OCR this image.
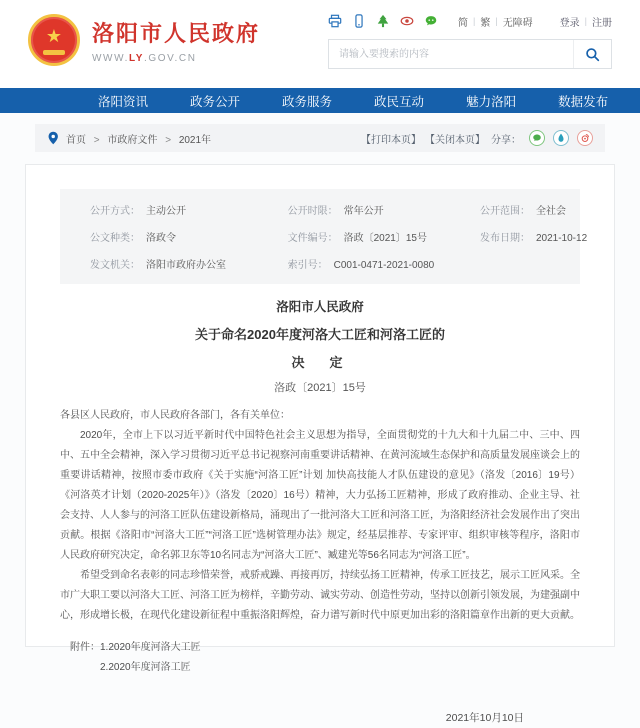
★ 洛阳市人民政府
WWW.LY.GOV.CN
简 | 繁 | 无障碍	登录 | 注册
请输入要搜索的内容
洛阳资讯	政务公开	政务服务	政民互动	魅力洛阳	数据发布
首页 > 市政府文件 > 2021年	【打印本页】 【关闭本页】 分享：
公开方式： 主动公开	公开时限： 常年公开	公开范围： 全社会
公文种类： 洛政令	文件编号： 洛政〔2021〕15号	发布日期： 2021-10-12
发文机关： 洛阳市政府办公室	索引号： C001-0471-2021-0080
洛阳市人民政府
关于命名2020年度河洛大工匠和河洛工匠的
决　定
洛政〔2021〕15号

各县区人民政府，市人民政府各部门，各有关单位：

2020年，全市上下以习近平新时代中国特色社会主义思想为指导，全面贯彻党的十九大和十九届二中、三中、四中、五中全会精神，深入学习贯彻习近平总书记视察河南重要讲话精神、在黄河流域生态保护和高质量发展座谈会上的重要讲话精神，按照市委市政府《关于实施“河洛工匠”计划 加快高技能人才队伍建设的意见》（洛发〔2016〕19号）《河洛英才计划（2020-2025年）》（洛发〔2020〕16号）精神，大力弘扬工匠精神，形成了政府推动、企业主导、社会支持、人人参与的河洛工匠队伍建设新格局，涌现出了一批河洛大工匠和河洛工匠，为洛阳经济社会发展作出了突出贡献。根据《洛阳市“河洛大工匠”“河洛工匠”选树管理办法》规定，经基层推荐、专家评审、组织审核等程序，洛阳市人民政府研究决定，命名郭卫东等10名同志为“河洛大工匠”、臧建光等56名同志为“河洛工匠”。

希望受到命名表彰的同志珍惜荣誉，戒骄戒躁、再接再厉，持续弘扬工匠精神，传承工匠技艺，展示工匠风采。全市广大职工要以河洛大工匠、河洛工匠为榜样，辛勤劳动、诚实劳动、创造性劳动，坚持以创新引领发展，为建强副中心，形成增长极，在现代化建设新征程中重振洛阳辉煌，奋力谱写新时代中原更加出彩的洛阳篇章作出新的更大贡献。

附件： 1.2020年度河洛大工匠
2.2020年度河洛工匠
2021年10月10日
